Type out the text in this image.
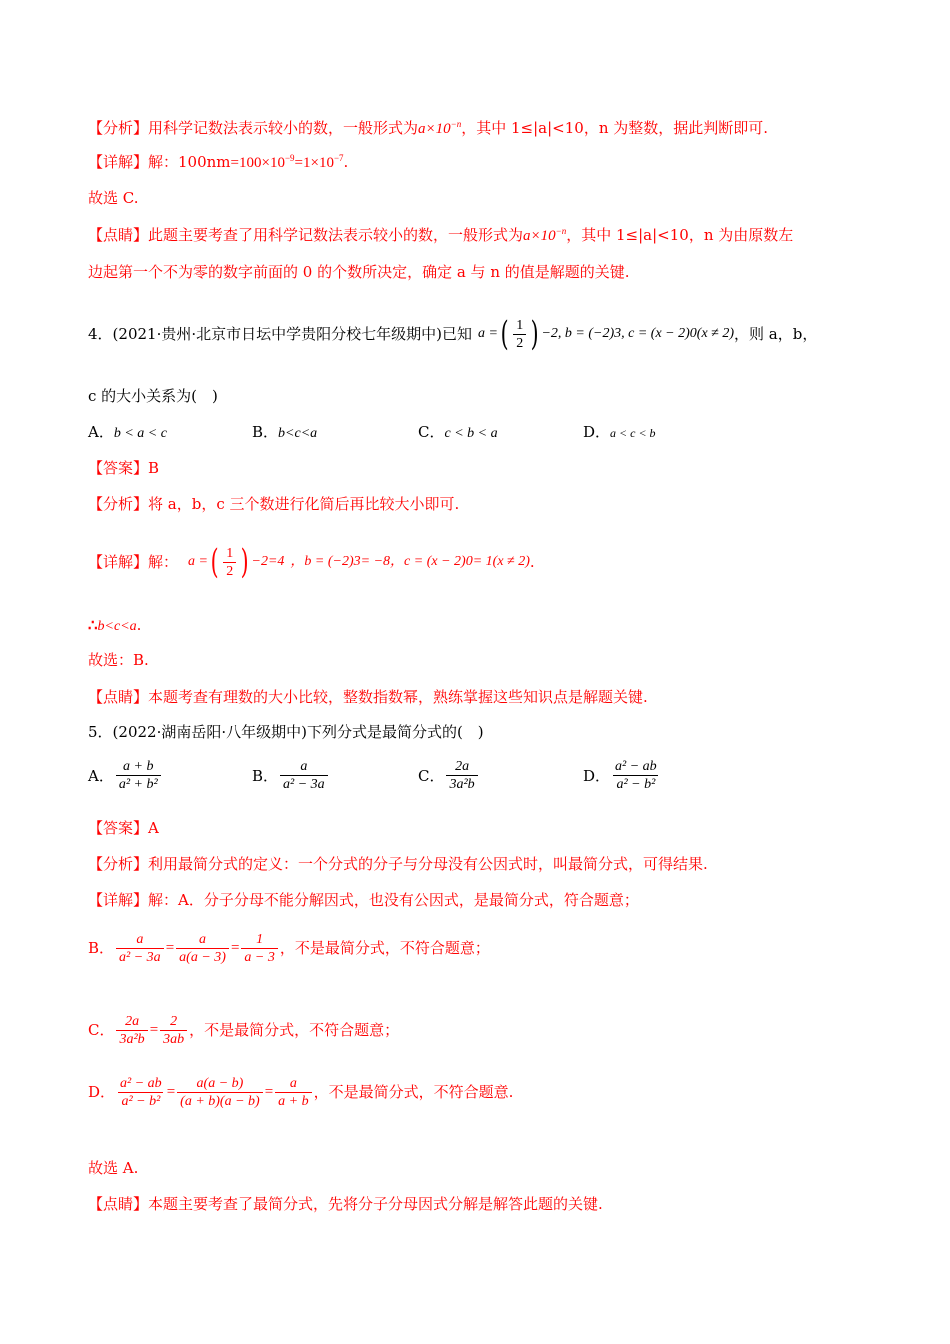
【分析】用科学记数法表示较小的数，一般形式为$a\times 10^{-n}$，其中 1≤|a|<10，n 为整数，据此判断即可.
【详解】解：$100nm=100\times 10^{-9}=1\times 10^{-7}$.
故选 C.
【点睛】此题主要考查了用科学记数法表示较小的数，一般形式为$a\times 10^{-n}$，其中 1≤|a|<10，n 为由原数左
边起第一个不为零的数字前面的 0 的个数所决定，确定 a 与 n 的值是解题的关键.
4．(2021·贵州·北京市日坛中学贵阳分校七年级期中)已知 a = ( $\frac{1}{2}$ ) −2 , b = (−2) 3 , c = (x − 2) 0 (x ≠ 2) ，则 a，b，
c 的大小关系为(　)
A．b < a < c	B．b<c<a	C．c < b < a	D．a < c < b
【答案】B
【分析】将 a，b，c 三个数进行化简后再比较大小即可.
【详解】 解： a = ( $\frac{1}{2}$ ) −2 =4 ，b = (−2) 3 = −8 ，c = (x − 2) 0 = 1(x ≠ 2) .
∴b<c<a.
故选：B.
【点睛】本题考查有理数的大小比较，整数指数幂，熟练掌握这些知识点是解题关键.
5．(2022·湖南岳阳·八年级期中)下列分式是最简分式的(　)
A． $\frac{a + b}{\text{a² + b²}}$	B． $\frac{a}{\text{a² − 3a}}$	C． $\frac{2a}{\text{3a²b}}$	D． $\frac{\text{a² − ab}}{\text{a² − b²}}$
【答案】A
【分析】利用最简分式的定义：一个分式的分子与分母没有公因式时，叫最简分式，可得结果.
【详解】解：A．分子分母不能分解因式，也没有公因式，是最简分式，符合题意；
B． $\frac{a}{\text{a² − 3a}} = \frac{a}{a(a - 3)} = \frac{1}{a - 3}$ ，不是最简分式，不符合题意；
C． $\frac{2a}{\text{3a²b}} = \frac{2}{3ab}$ ，不是最简分式，不符合题意；
D． $\frac{\text{a² − ab}}{\text{a² − b²}} = \frac{a(a - b)}{(a + b)(a - b)} = \frac{a}{a + b}$ ，不是最简分式，不符合题意.
故选 A.
【点睛】本题主要考查了最简分式，先将分子分母因式分解是解答此题的关键.
